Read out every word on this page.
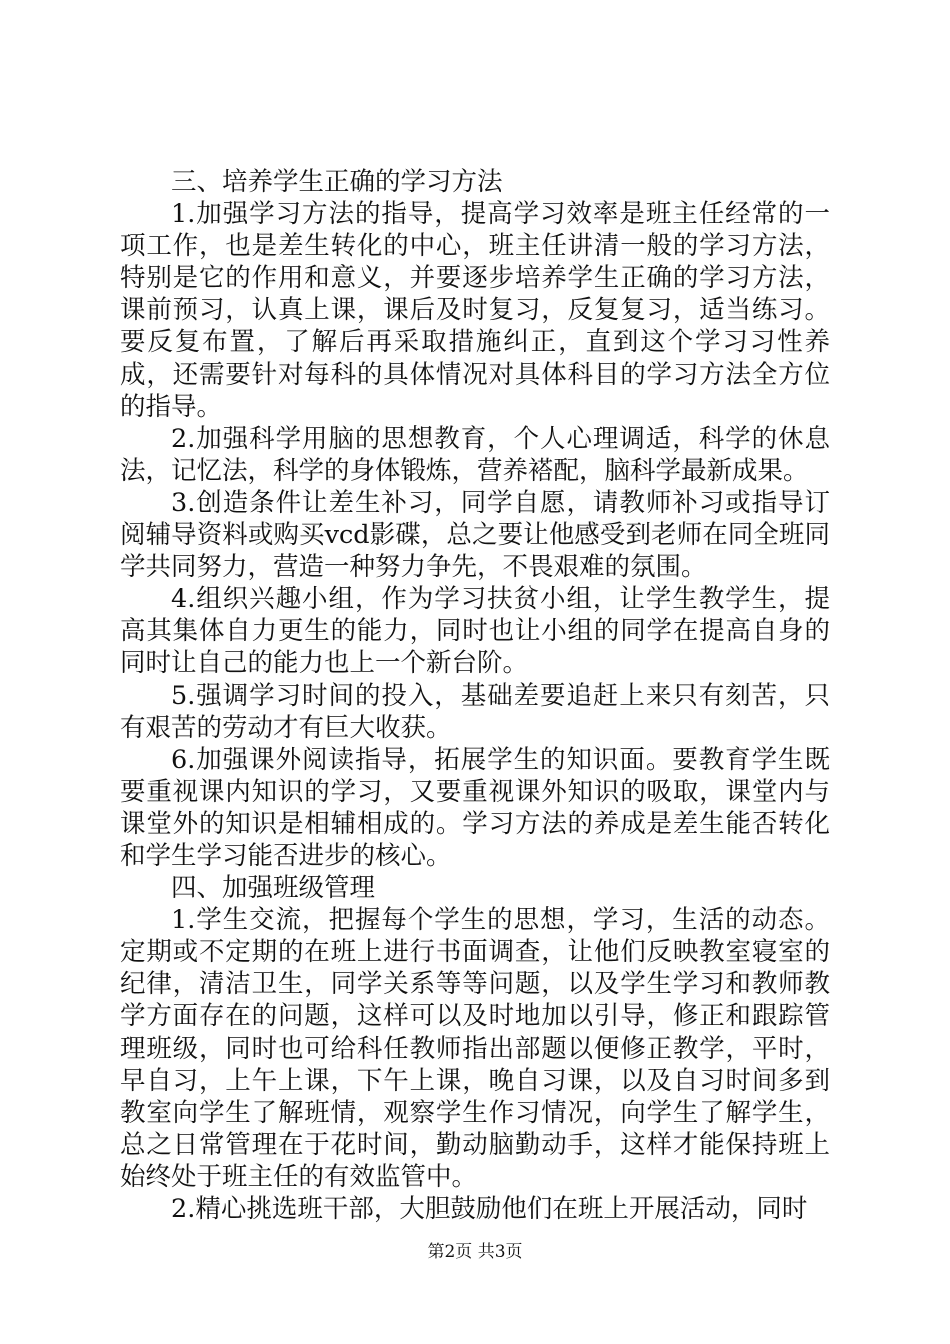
三、培养学生正确的学习方法

1.加强学习方法的指导，提高学习效率是班主任经常的一项工作，也是差生转化的中心，班主任讲清一般的学习方法，特别是它的作用和意义，并要逐步培养学生正确的学习方法，课前预习，认真上课，课后及时复习，反复复习，适当练习。要反复布置，了解后再采取措施纠正，直到这个学习习性养成，还需要针对每科的具体情况对具体科目的学习方法全方位的指导。

2.加强科学用脑的思想教育，个人心理调适，科学的休息法，记忆法，科学的身体锻炼，营养褡配，脑科学最新成果。

3.创造条件让差生补习，同学自愿，请教师补习或指导订阅辅导资料或购买vcd影碟，总之要让他感受到老师在同全班同学共同努力，营造一种努力争先，不畏艰难的氛围。

4.组织兴趣小组，作为学习扶贫小组，让学生教学生，提高其集体自力更生的能力，同时也让小组的同学在提高自身的同时让自己的能力也上一个新台阶。

5.强调学习时间的投入，基础差要追赶上来只有刻苦，只有艰苦的劳动才有巨大收获。

6.加强课外阅读指导，拓展学生的知识面。要教育学生既要重视课内知识的学习，又要重视课外知识的吸取，课堂内与课堂外的知识是相辅相成的。学习方法的养成是差生能否转化和学生学习能否进步的核心。

四、加强班级管理

1.学生交流，把握每个学生的思想，学习，生活的动态。定期或不定期的在班上进行书面调查，让他们反映教室寝室的纪律，清洁卫生，同学关系等等问题，以及学生学习和教师教学方面存在的问题，这样可以及时地加以引导，修正和跟踪管理班级，同时也可给科任教师指出部题以便修正教学，平时，早自习，上午上课，下午上课，晚自习课，以及自习时间多到教室向学生了解班情，观察学生作习情况，向学生了解学生，总之日常管理在于花时间，勤动脑勤动手，这样才能保持班上始终处于班主任的有效监管中。

2.精心挑选班干部，大胆鼓励他们在班上开展活动，同时

第2页 共3页
